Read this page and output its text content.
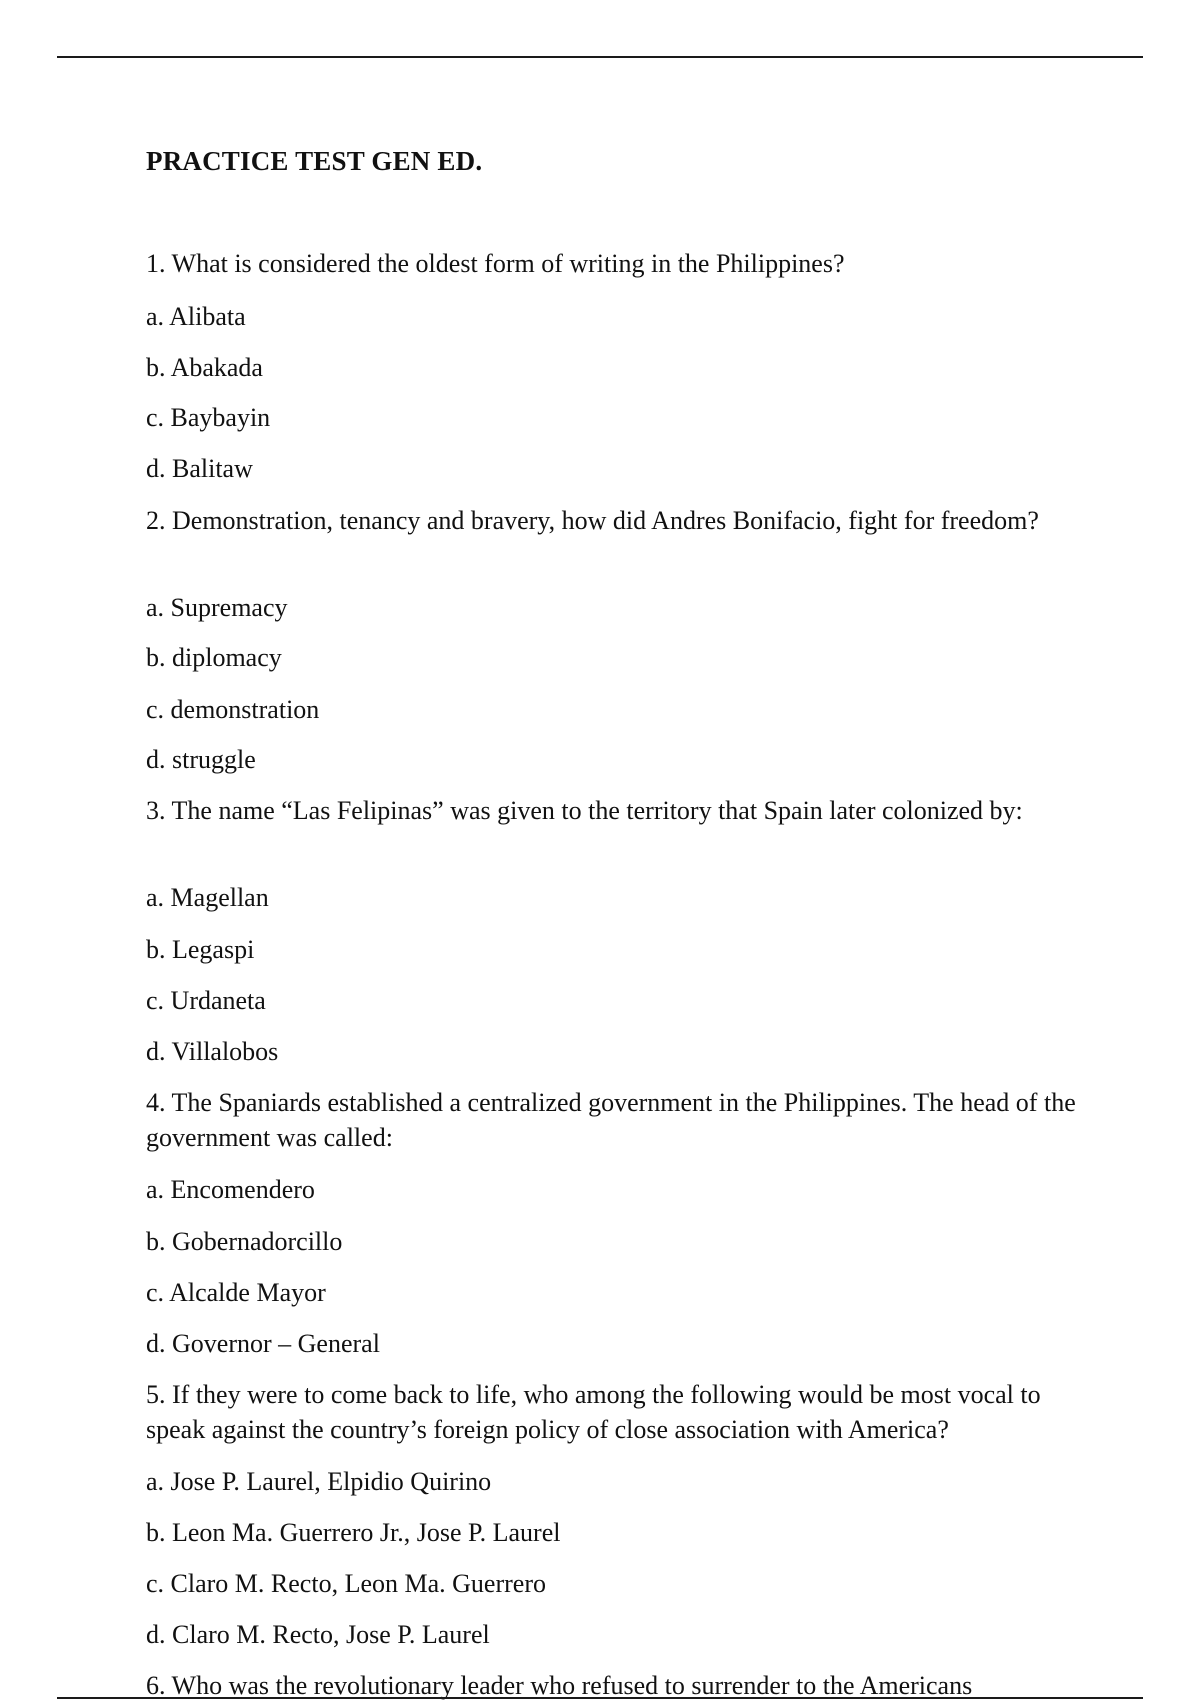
PRACTICE TEST GEN ED.
1. What is considered the oldest form of writing in the Philippines?
a. Alibata
b. Abakada
c. Baybayin
d. Balitaw
2. Demonstration, tenancy and bravery, how did Andres Bonifacio, fight for freedom?
a. Supremacy
b. diplomacy
c. demonstration
d. struggle
3. The name “Las Felipinas” was given to the territory that Spain later colonized by:
a. Magellan
b. Legaspi
c. Urdaneta
d. Villalobos
4. The Spaniards established a centralized government in the Philippines. The head of the government was called:
a. Encomendero
b. Gobernadorcillo
c. Alcalde Mayor
d. Governor – General
5. If they were to come back to life, who among the following would be most vocal to speak against the country’s foreign policy of close association with America?
a. Jose P. Laurel, Elpidio Quirino
b. Leon Ma. Guerrero Jr., Jose P. Laurel
c. Claro M. Recto, Leon Ma. Guerrero
d. Claro M. Recto, Jose P. Laurel
6. Who was the revolutionary leader who refused to surrender to the Americans
